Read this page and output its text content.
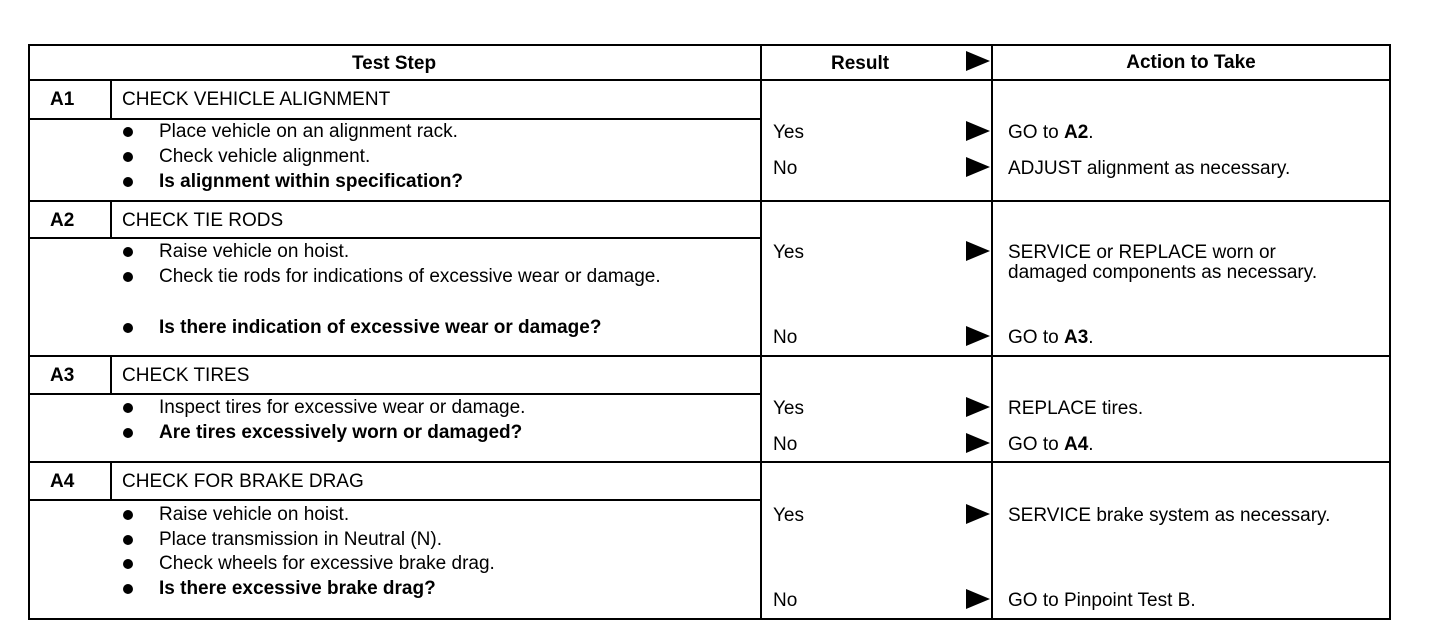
Test Step	Result	Action to Take
A1	CHECK VEHICLE ALIGNMENT
Place vehicle on an alignment rack.
Check vehicle alignment.
Is alignment within specification?
Yes	GO to A2.
No	ADJUST alignment as necessary.
A2	CHECK TIE RODS
Raise vehicle on hoist.
Check tie rods for indications of excessive wear or damage.
Is there indication of excessive wear or damage?
Yes	SERVICE or REPLACE worn or damaged components as necessary.
No	GO to A3.
A3	CHECK TIRES
Inspect tires for excessive wear or damage.
Are tires excessively worn or damaged?
Yes	REPLACE tires.
No	GO to A4.
A4	CHECK FOR BRAKE DRAG
Raise vehicle on hoist.
Place transmission in Neutral (N).
Check wheels for excessive brake drag.
Is there excessive brake drag?
Yes	SERVICE brake system as necessary.
No	GO to Pinpoint Test B.
